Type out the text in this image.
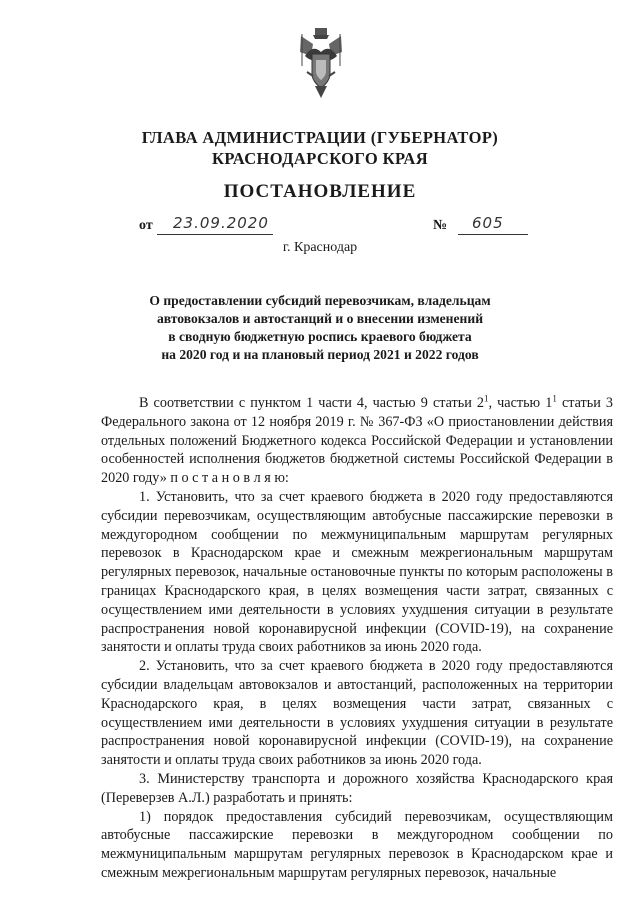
ГЛАВА АДМИНИСТРАЦИИ (ГУБЕРНАТОР)
КРАСНОДАРСКОГО КРАЯ
ПОСТАНОВЛЕНИЕ
от 23.09.2020	№ 605
г. Краснодар
О предоставлении субсидий перевозчикам, владельцам
автовокзалов и автостанций и о внесении изменений
в сводную бюджетную роспись краевого бюджета
на 2020 год и на плановый период 2021 и 2022 годов

В соответствии с пунктом 1 части 4, частью 9 статьи $2^1$, частью $1^1$ статьи 3 Федерального закона от 12 ноября 2019 г. № 367-ФЗ «О приостановлении действия отдельных положений Бюджетного кодекса Российской Федерации и установлении особенностей исполнения бюджетов бюджетной системы Российской Федерации в 2020 году» п о с т а н о в л я ю:

1. Установить, что за счет краевого бюджета в 2020 году предоставляются субсидии перевозчикам, осуществляющим автобусные пассажирские перевозки в междугородном сообщении по межмуниципальным маршрутам регулярных перевозок в Краснодарском крае и смежным межрегиональным маршрутам регулярных перевозок, начальные остановочные пункты по которым расположены в границах Краснодарского края, в целях возмещения части затрат, связанных с осуществлением ими деятельности в условиях ухудшения ситуации в результате распространения новой коронавирусной инфекции (COVID-19), на сохранение занятости и оплаты труда своих работников за июнь 2020 года.

2. Установить, что за счет краевого бюджета в 2020 году предоставляются субсидии владельцам автовокзалов и автостанций, расположенных на территории Краснодарского края, в целях возмещения части затрат, связанных с осуществлением ими деятельности в условиях ухудшения ситуации в результате распространения новой коронавирусной инфекции (COVID-19), на сохранение занятости и оплаты труда своих работников за июнь 2020 года.

3. Министерству транспорта и дорожного хозяйства Краснодарского края (Переверзев А.Л.) разработать и принять:

1) порядок предоставления субсидий перевозчикам, осуществляющим автобусные пассажирские перевозки в междугородном сообщении по межмуниципальным маршрутам регулярных перевозок в Краснодарском крае и смежным межрегиональным маршрутам регулярных перевозок, начальные
